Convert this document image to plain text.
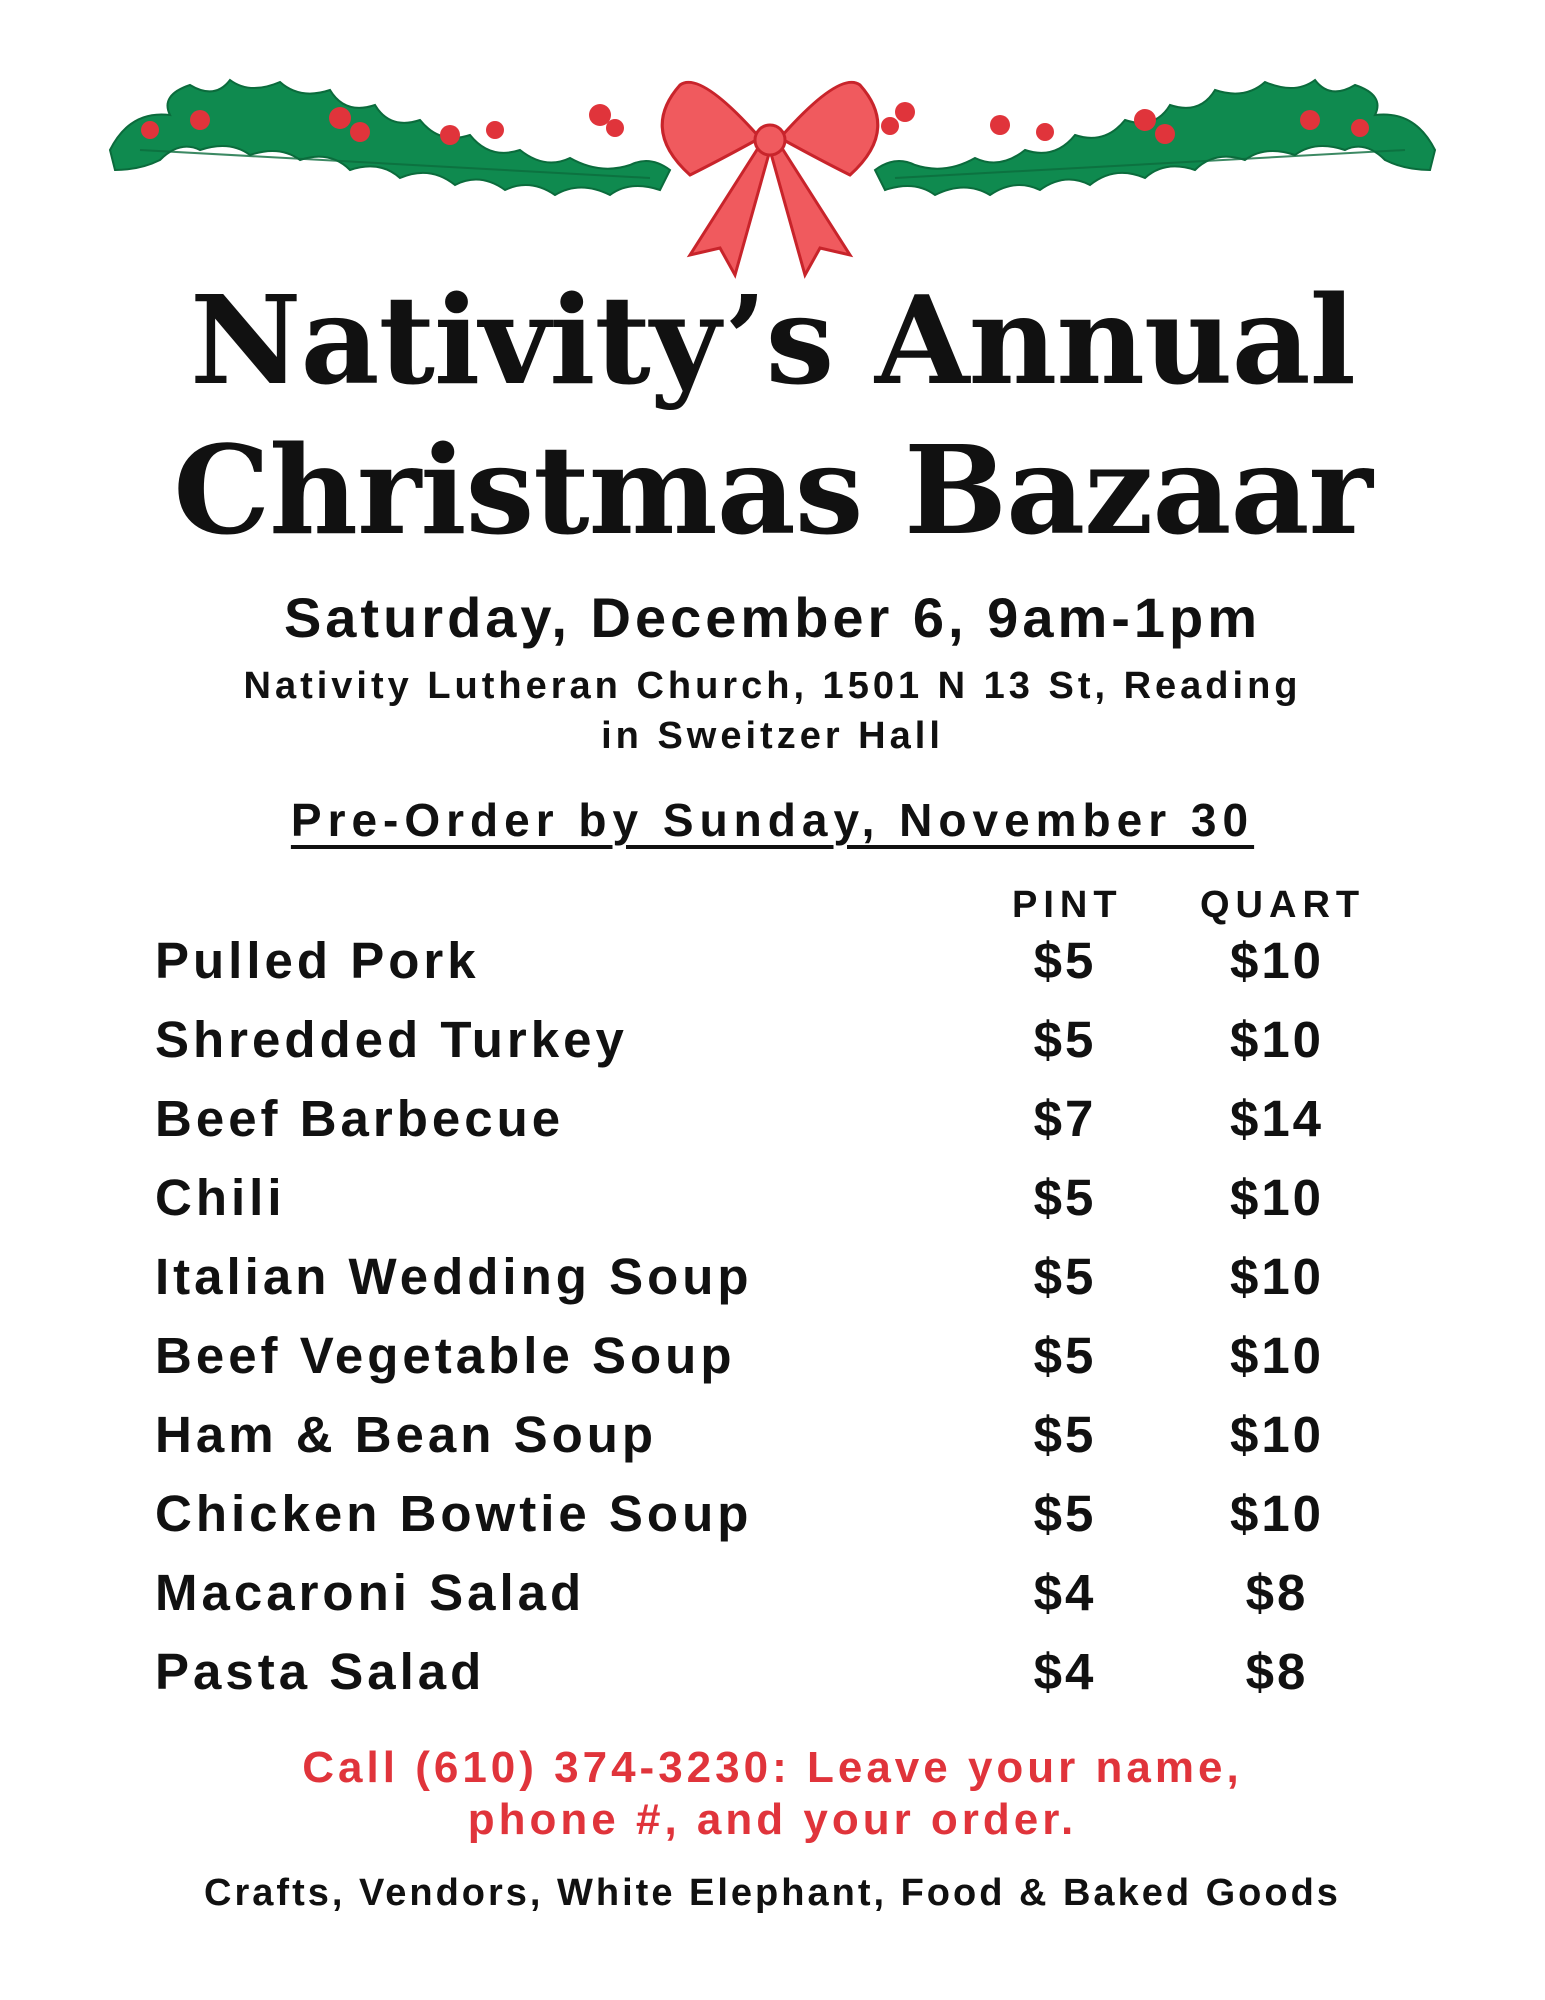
Nativity’s Annual
Christmas Bazaar
Saturday, December 6, 9am-1pm
Nativity Lutheran Church, 1501 N 13 St, Reading
in Sweitzer Hall
Pre-Order by Sunday, November 30
PINT QUART
Pulled Pork	$5	$10
Shredded Turkey	$5	$10
Beef Barbecue	$7	$14
Chili	$5	$10
Italian Wedding Soup	$5	$10
Beef Vegetable Soup	$5	$10
Ham & Bean Soup	$5	$10
Chicken Bowtie Soup	$5	$10
Macaroni Salad	$4	$8
Pasta Salad	$4	$8
Call (610) 374-3230: Leave your name,
phone #, and your order.
Crafts, Vendors, White Elephant, Food & Baked Goods
